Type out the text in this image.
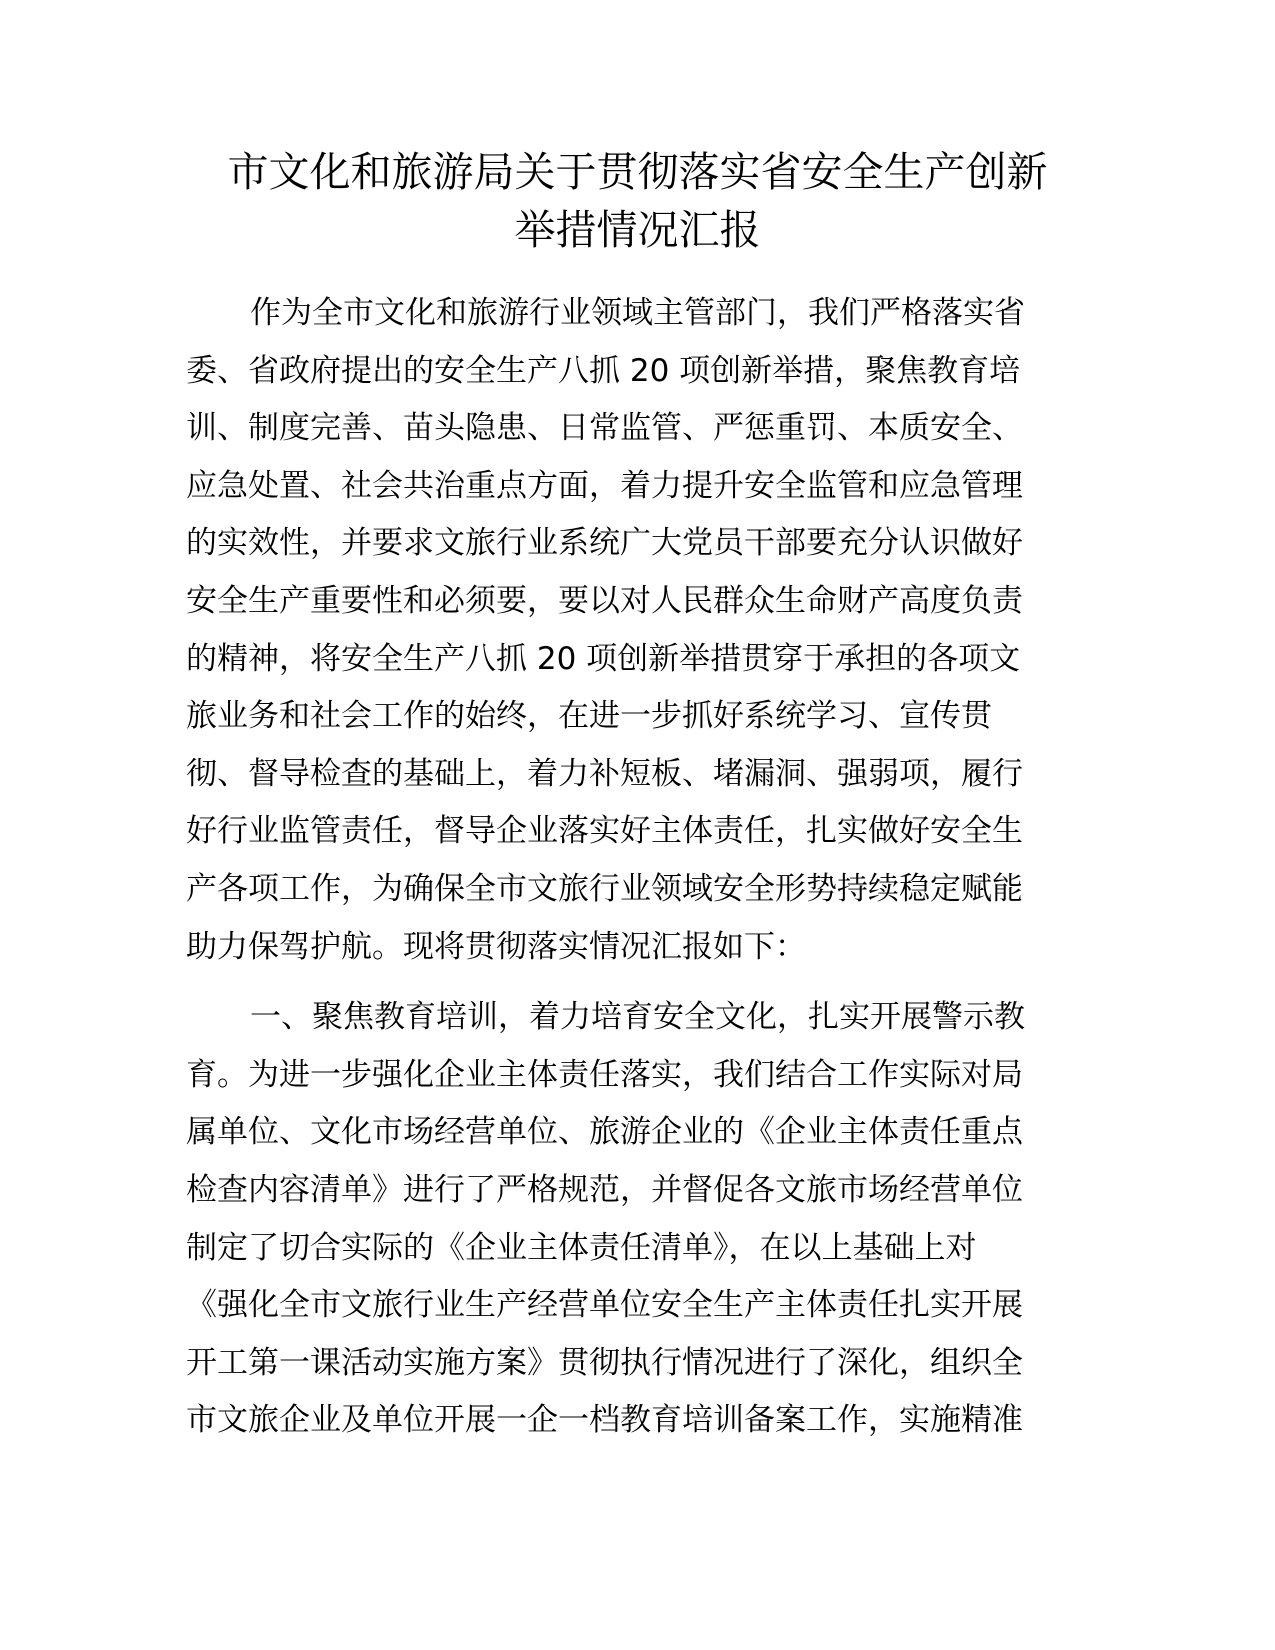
市文化和旅游局关于贯彻落实省安全生产创新
举措情况汇报

作为全市文化和旅游行业领域主管部门，我们严格落实省
委、省政府提出的安全生产八抓 20 项创新举措，聚焦教育培
训、制度完善、苗头隐患、日常监管、严惩重罚、本质安全、
应急处置、社会共治重点方面，着力提升安全监管和应急管理
的实效性，并要求文旅行业系统广大党员干部要充分认识做好
安全生产重要性和必须要，要以对人民群众生命财产高度负责
的精神，将安全生产八抓 20 项创新举措贯穿于承担的各项文
旅业务和社会工作的始终，在进一步抓好系统学习、宣传贯
彻、督导检查的基础上，着力补短板、堵漏洞、强弱项，履行
好行业监管责任，督导企业落实好主体责任，扎实做好安全生
产各项工作，为确保全市文旅行业领域安全形势持续稳定赋能
助力保驾护航。现将贯彻落实情况汇报如下：

一、聚焦教育培训，着力培育安全文化，扎实开展警示教
育。为进一步强化企业主体责任落实，我们结合工作实际对局
属单位、文化市场经营单位、旅游企业的《企业主体责任重点
检查内容清单》进行了严格规范，并督促各文旅市场经营单位
制定了切合实际的《企业主体责任清单》，在以上基础上对
《强化全市文旅行业生产经营单位安全生产主体责任扎实开展
开工第一课活动实施方案》贯彻执行情况进行了深化，组织全
市文旅企业及单位开展一企一档教育培训备案工作，实施精准
